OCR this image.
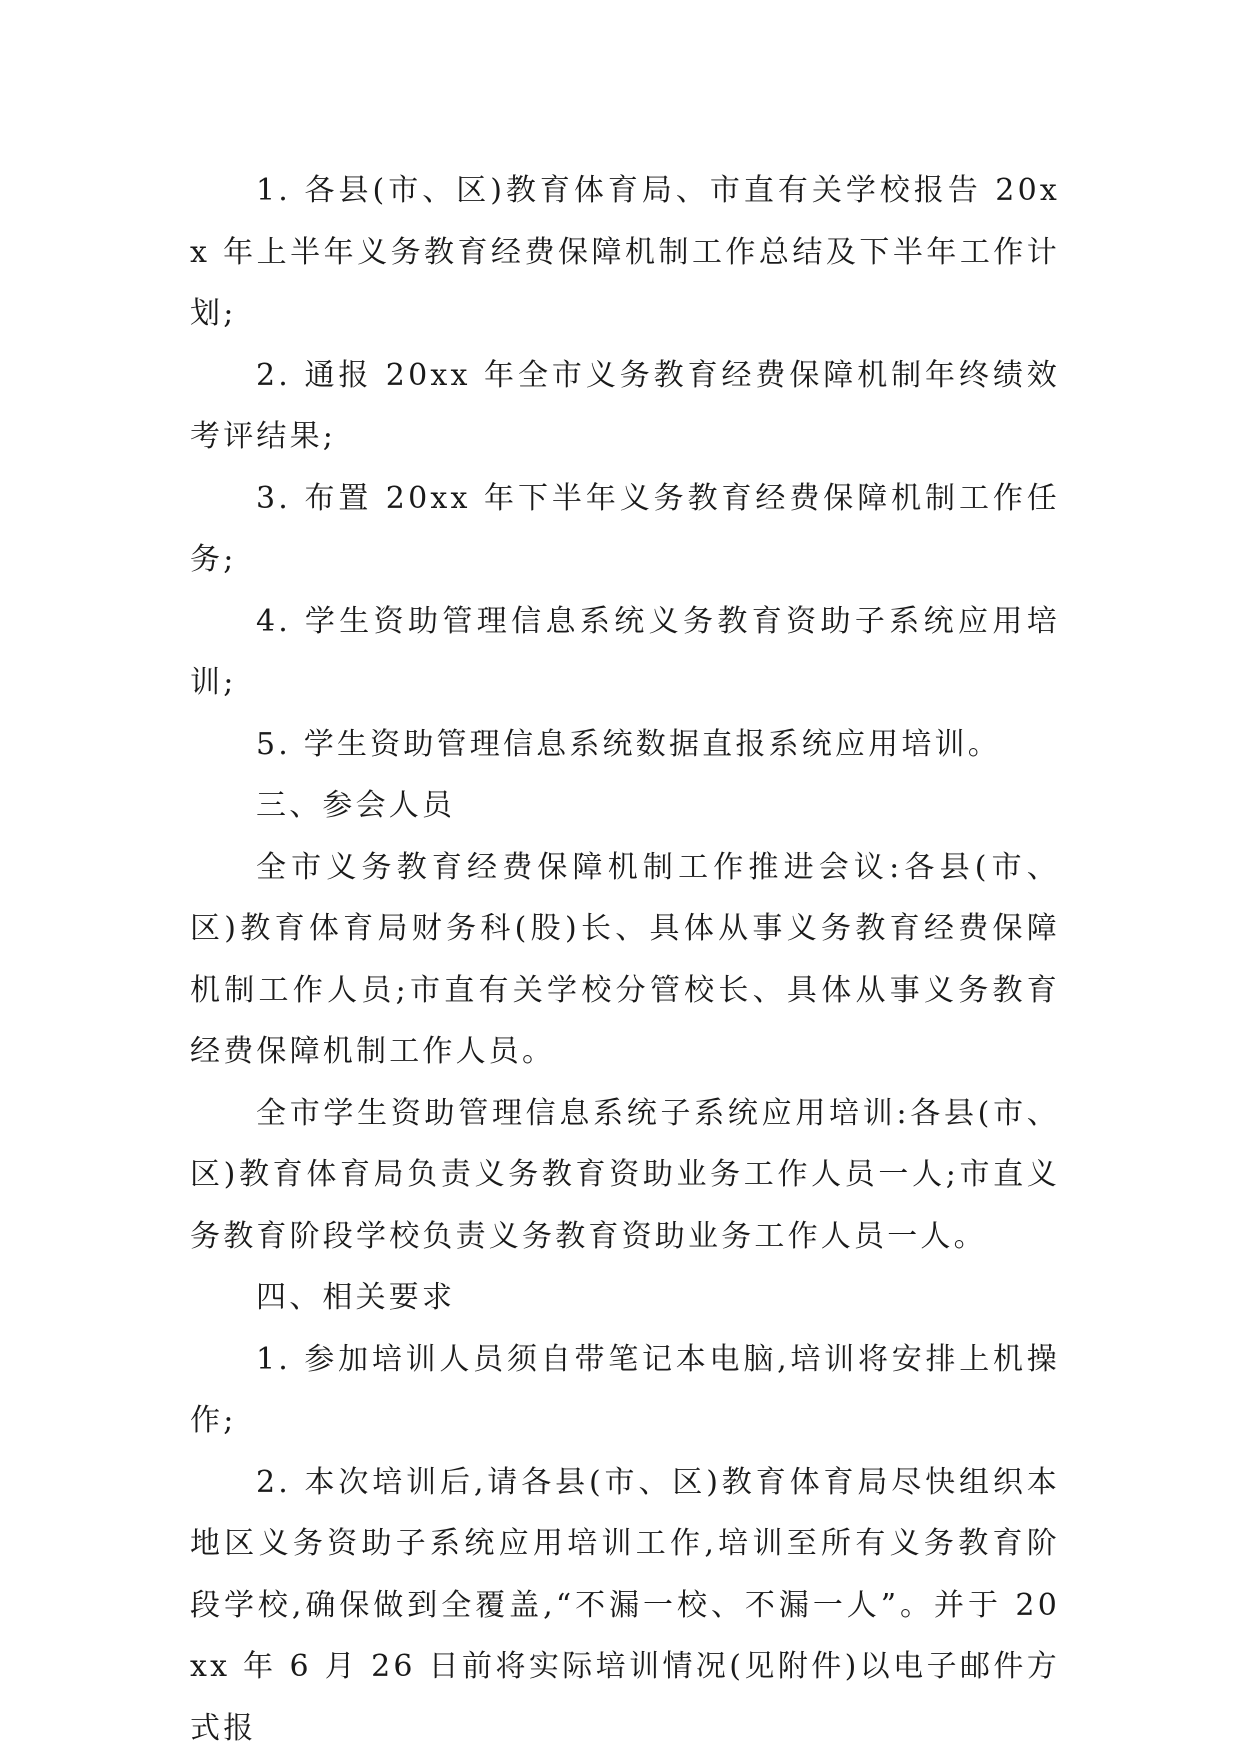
1. 各县(市、区)教育体育局、市直有关学校报告 20xx 年上半年义务教育经费保障机制工作总结及下半年工作计划;

2. 通报 20xx 年全市义务教育经费保障机制年终绩效考评结果;

3. 布置 20xx 年下半年义务教育经费保障机制工作任务;

4. 学生资助管理信息系统义务教育资助子系统应用培训;

5. 学生资助管理信息系统数据直报系统应用培训。

三、参会人员

全市义务教育经费保障机制工作推进会议:各县(市、区)教育体育局财务科(股)长、具体从事义务教育经费保障机制工作人员;市直有关学校分管校长、具体从事义务教育经费保障机制工作人员。

全市学生资助管理信息系统子系统应用培训:各县(市、区)教育体育局负责义务教育资助业务工作人员一人;市直义务教育阶段学校负责义务教育资助业务工作人员一人。

四、相关要求

1. 参加培训人员须自带笔记本电脑,培训将安排上机操作;

2. 本次培训后,请各县(市、区)教育体育局尽快组织本地区义务资助子系统应用培训工作,培训至所有义务教育阶段学校,确保做到全覆盖,“不漏一校、不漏一人”。并于 20xx 年 6 月 26 日前将实际培训情况(见附件)以电子邮件方式报
